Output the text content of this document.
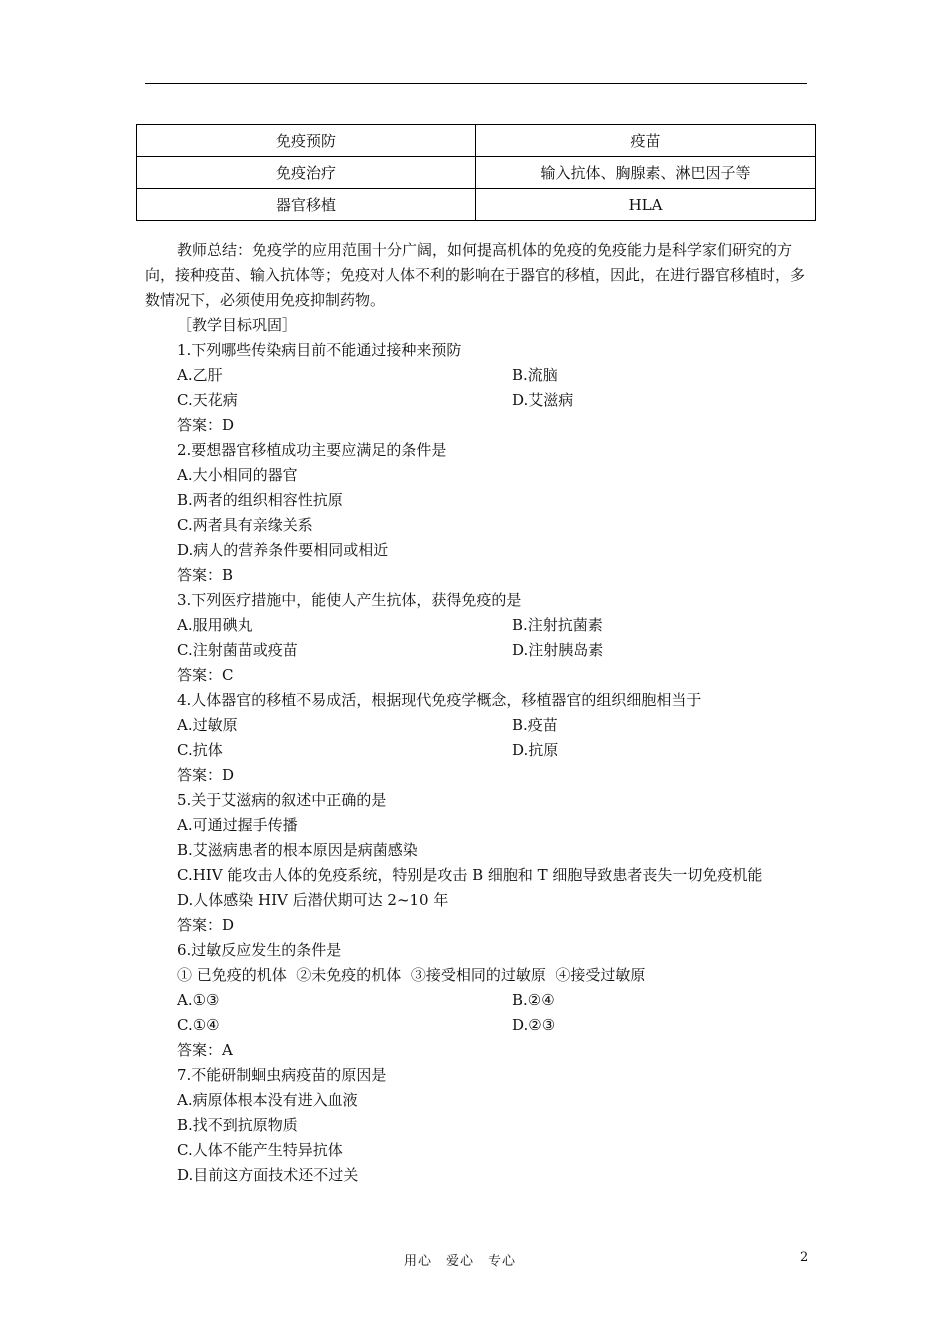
免疫预防	疫苗
免疫治疗	输入抗体、胸腺素、淋巴因子等
器官移植	HLA

教师总结：免疫学的应用范围十分广阔，如何提高机体的免疫的免疫能力是科学家们研究的方向，接种疫苗、输入抗体等；免疫对人体不利的影响在于器官的移植，因此，在进行器官移植时，多数情况下，必须使用免疫抑制药物。

［教学目标巩固］

1.下列哪些传染病目前不能通过接种来预防

A.乙肝	B.流脑
C.天花病	D.艾滋病

答案：D

2.要想器官移植成功主要应满足的条件是

A.大小相同的器官

B.两者的组织相容性抗原

C.两者具有亲缘关系

D.病人的营养条件要相同或相近

答案：B

3.下列医疗措施中，能使人产生抗体，获得免疫的是

A.服用碘丸	B.注射抗菌素
C.注射菌苗或疫苗	D.注射胰岛素

答案：C

4.人体器官的移植不易成活，根据现代免疫学概念，移植器官的组织细胞相当于

A.过敏原	B.疫苗
C.抗体	D.抗原

答案：D

5.关于艾滋病的叙述中正确的是

A.可通过握手传播

B.艾滋病患者的根本原因是病菌感染

C.HIV 能攻击人体的免疫系统，特别是攻击 B 细胞和 T 细胞导致患者丧失一切免疫机能

D.人体感染 HIV 后潜伏期可达 2~10 年

答案：D

6.过敏反应发生的条件是

① 已免疫的机体  ②未免疫的机体  ③接受相同的过敏原  ④接受过敏原

A.①③	B.②④
C.①④	D.②③

答案：A

7.不能研制蛔虫病疫苗的原因是

A.病原体根本没有进入血液

B.找不到抗原物质

C.人体不能产生特异抗体

D.目前这方面技术还不过关

用心　爱心　专心	2
